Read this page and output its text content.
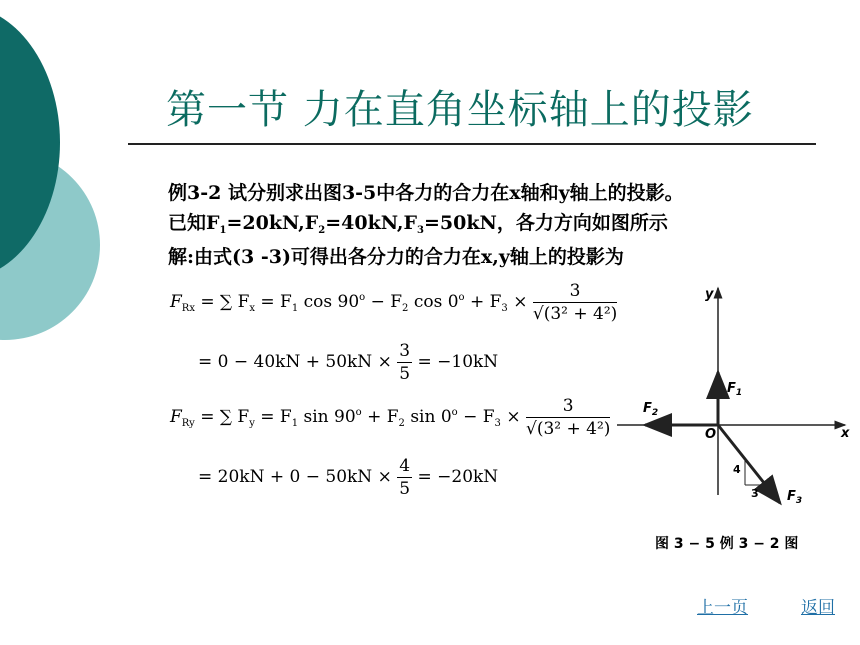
第一节 力在直角坐标轴上的投影
例3-2 试分别求出图3-5中各力的合力在x轴和y轴上的投影。
已知$F_1=20kN,F_2=40kN,F_3=50kN$，各力方向如图所示
解:由式(3 -3)可得出各分力的合力在x,y轴上的投影为
$F_{Rx}$ = ∑ $F_x = F_1$ $\cos 90^o - F_2$ $\cos 0^o + F_3 \times \frac{3}{\text{√(3² + 4²)}}$
= $0 - 40kN + 50kN \times \frac{3}{5} = -10kN$
$F_{Ry}$ = ∑ $F_y = F_1$ $\sin 90^o + F_2$ $\sin 0^o - F_3 \times \frac{3}{\text{√(3² + 4²)}}$
= $20kN + 0 - 50kN \times \frac{4}{5} = -20kN$
y
x
O
$F_1$
$F_2$
$F_3$
4
3
图 3 − 5 例 3 − 2 图
上一页	返回
